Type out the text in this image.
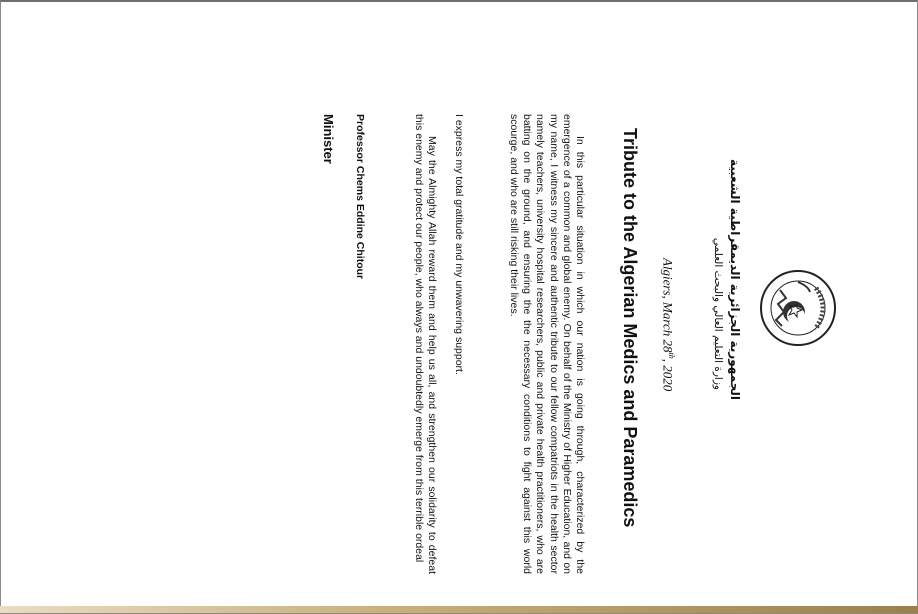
الجمهورية الجزائرية الديمقراطية الشعبية
وزارة التعليم العالي والبحث العلمي
Algiers, March 28th, 2020
Tribute to the Algerian Medics and Paramedics
In this particular situation in which our nation is going through, characterized by the emergence of a common and global enemy. On behalf of the Ministry of Higher Education, and on my name, I witness my sincere and authentic tribute to our fellow compatriots in the health sector namely teachers, university hospital researchers, public and private health practitioners, who are batting on the ground, and ensuring the the necessary conditions to fight against this world scourge, and who are still risking their lives.
I express my total gratitude and my unwavering support.
May the Almighty Allah reward them and help us all, and strengthen our solidarity to defeat this enemy and protect our people, who always and undoubtedly emerge from this terrible ordeal
Professor Chems Eddine Chitour
Minister
